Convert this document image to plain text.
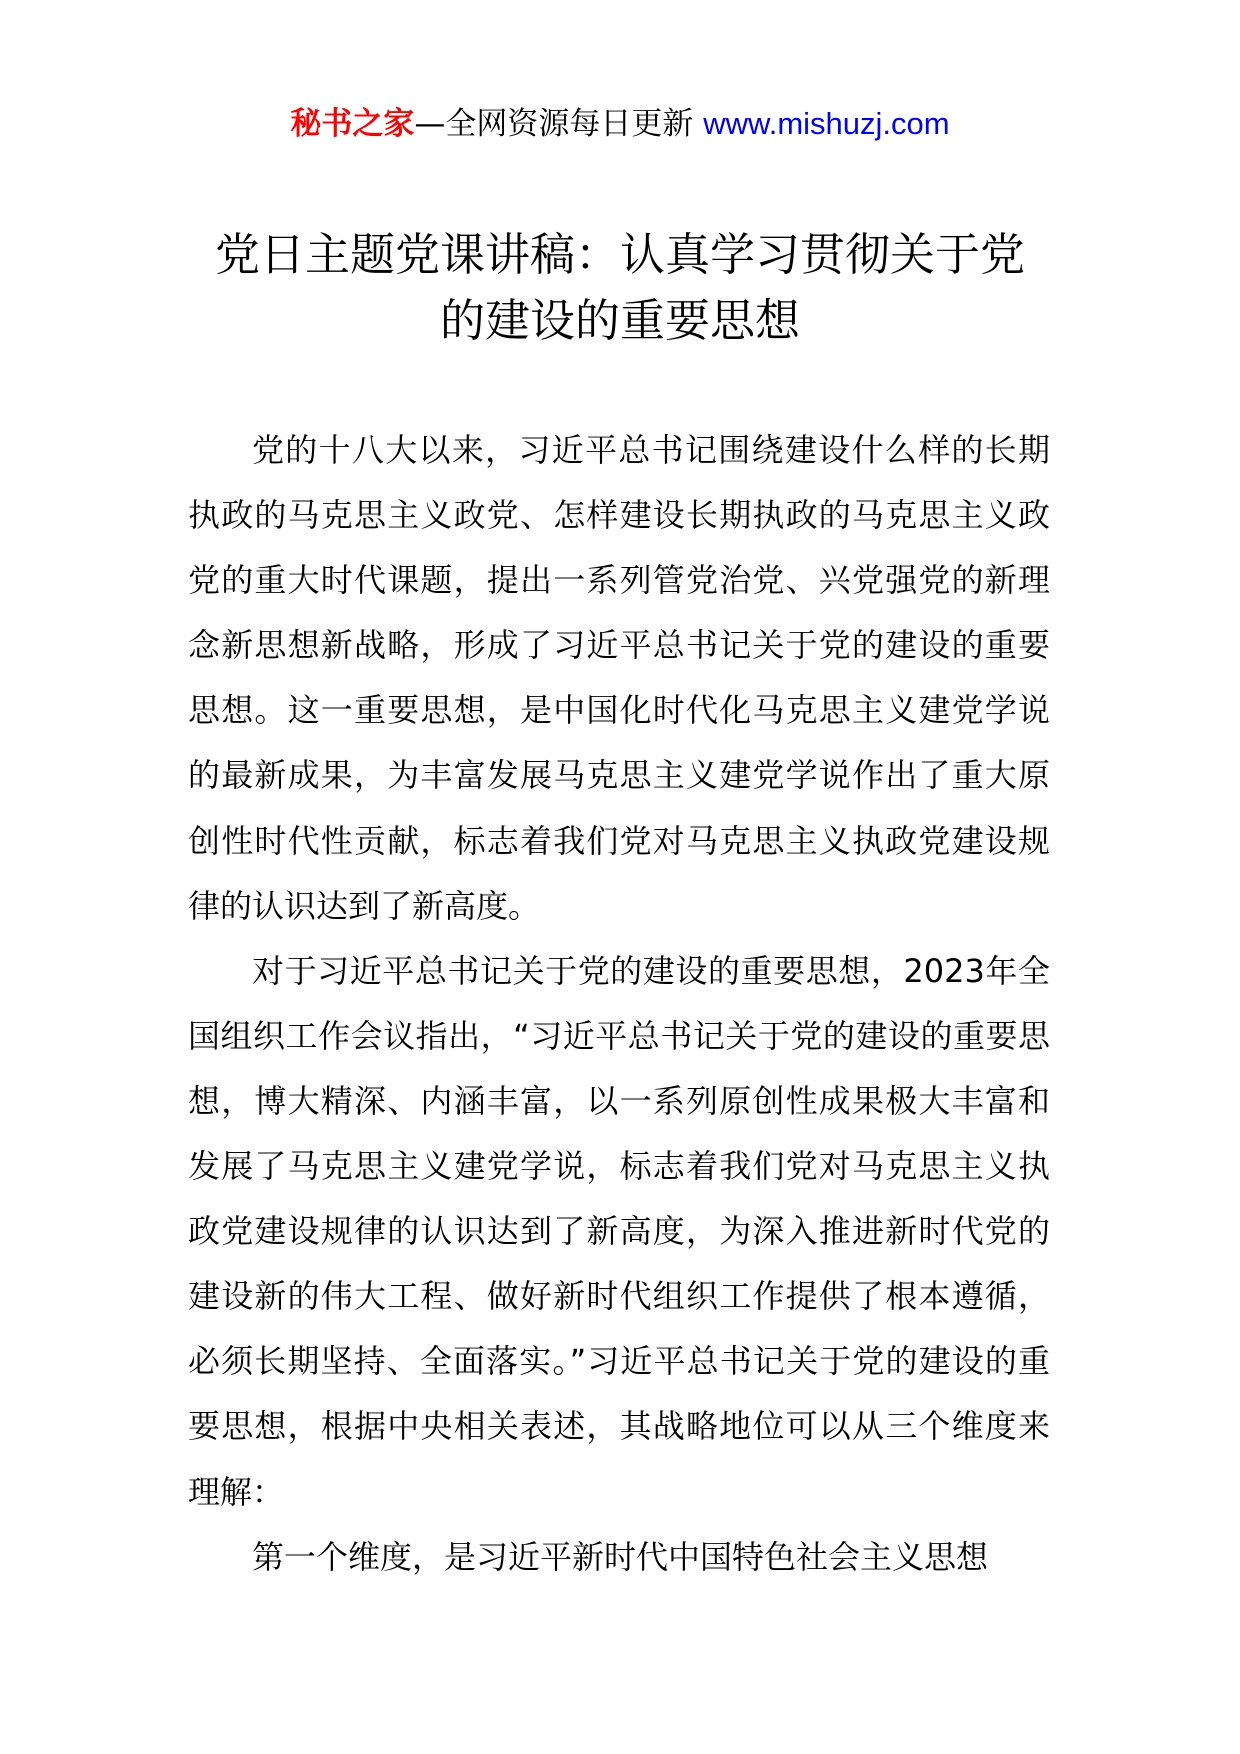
秘书之家—全网资源每日更新 www.mishuzj.com
党日主题党课讲稿：认真学习贯彻关于党
的建设的重要思想

党的十八大以来，习近平总书记围绕建设什么样的长期执政的马克思主义政党、怎样建设长期执政的马克思主义政党的重大时代课题，提出一系列管党治党、兴党强党的新理念新思想新战略，形成了习近平总书记关于党的建设的重要思想。这一重要思想，是中国化时代化马克思主义建党学说的最新成果，为丰富发展马克思主义建党学说作出了重大原创性时代性贡献，标志着我们党对马克思主义执政党建设规律的认识达到了新高度。

对于习近平总书记关于党的建设的重要思想，2023年全国组织工作会议指出，“习近平总书记关于党的建设的重要思想，博大精深、内涵丰富，以一系列原创性成果极大丰富和发展了马克思主义建党学说，标志着我们党对马克思主义执政党建设规律的认识达到了新高度，为深入推进新时代党的建设新的伟大工程、做好新时代组织工作提供了根本遵循，必须长期坚持、全面落实。”习近平总书记关于党的建设的重要思想，根据中央相关表述，其战略地位可以从三个维度来理解：

第一个维度，是习近平新时代中国特色社会主义思想
